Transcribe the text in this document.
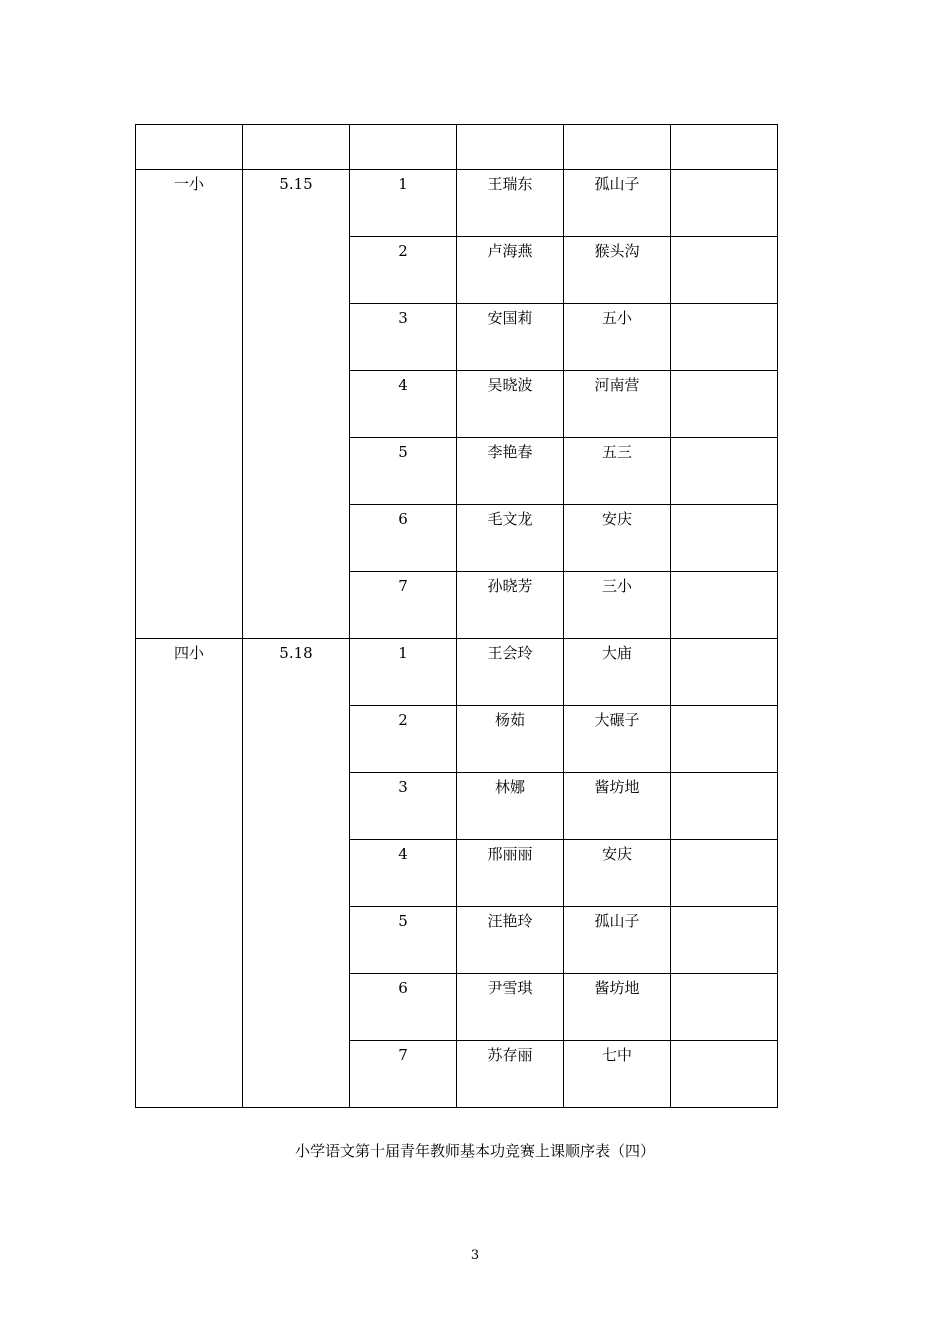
一小	5.15	1	王瑞东	孤山子	

		2	卢海燕	猴头沟	

		3	安国莉	五小	

		4	吴晓波	河南营	

		5	李艳春	五三	

		6	毛文龙	安庆	

		7	孙晓芳	三小	

四小	5.18	1	王会玲	大庙	

		2	杨茹	大碾子	

		3	林娜	酱坊地	

		4	邢丽丽	安庆	

		5	汪艳玲	孤山子	

		6	尹雪琪	酱坊地	

		7	苏存丽	七中	

小学语文第十届青年教师基本功竞赛上课顺序表（四）
3
